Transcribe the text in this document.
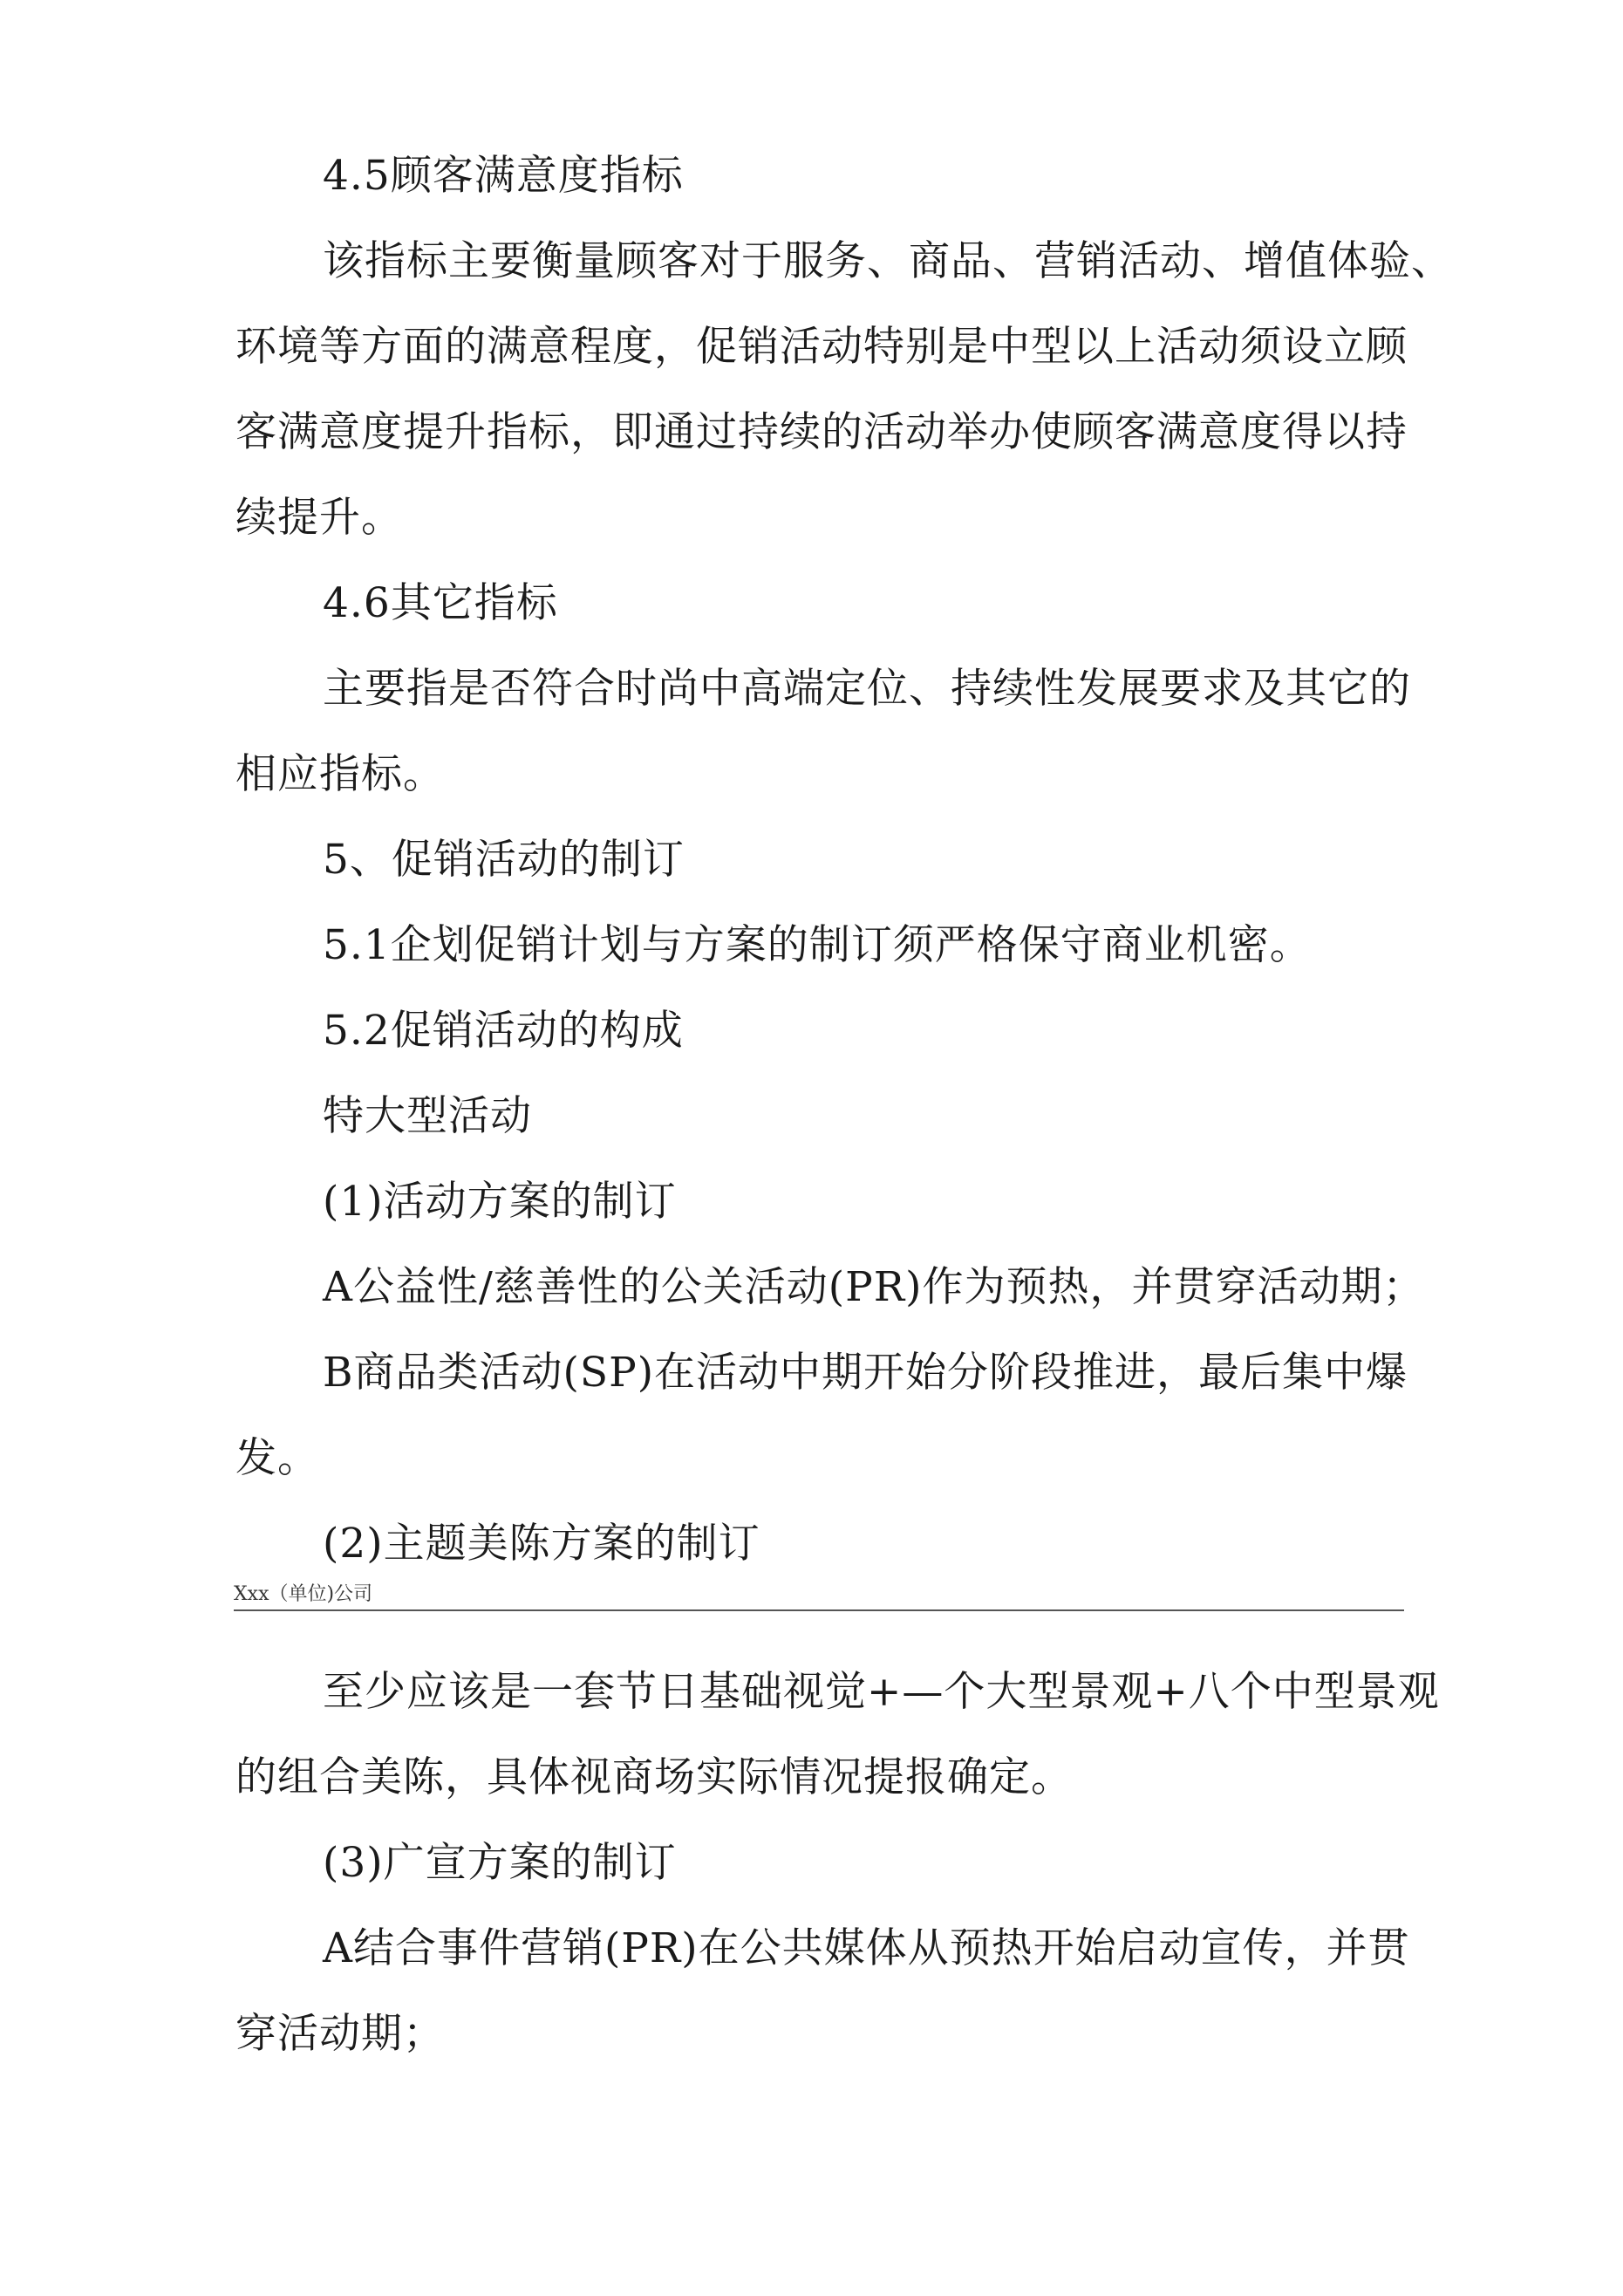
4.5顾客满意度指标
该指标主要衡量顾客对于服务、商品、营销活动、增值体验、
环境等方面的满意程度，促销活动特别是中型以上活动须设立顾
客满意度提升指标，即通过持续的活动举办使顾客满意度得以持
续提升。
4.6其它指标
主要指是否符合时尚中高端定位、持续性发展要求及其它的
相应指标。
5、促销活动的制订
5.1企划促销计划与方案的制订须严格保守商业机密。
5.2促销活动的构成
特大型活动
(1)活动方案的制订
A公益性/慈善性的公关活动(PR)作为预热，并贯穿活动期；
B商品类活动(SP)在活动中期开始分阶段推进，最后集中爆
发。
(2)主题美陈方案的制订
Xxx（单位)公司
至少应该是一套节日基础视觉+—个大型景观+八个中型景观
的组合美陈，具体视商场实际情况提报确定。
(3)广宣方案的制订
A结合事件营销(PR)在公共媒体从预热开始启动宣传，并贯
穿活动期；
